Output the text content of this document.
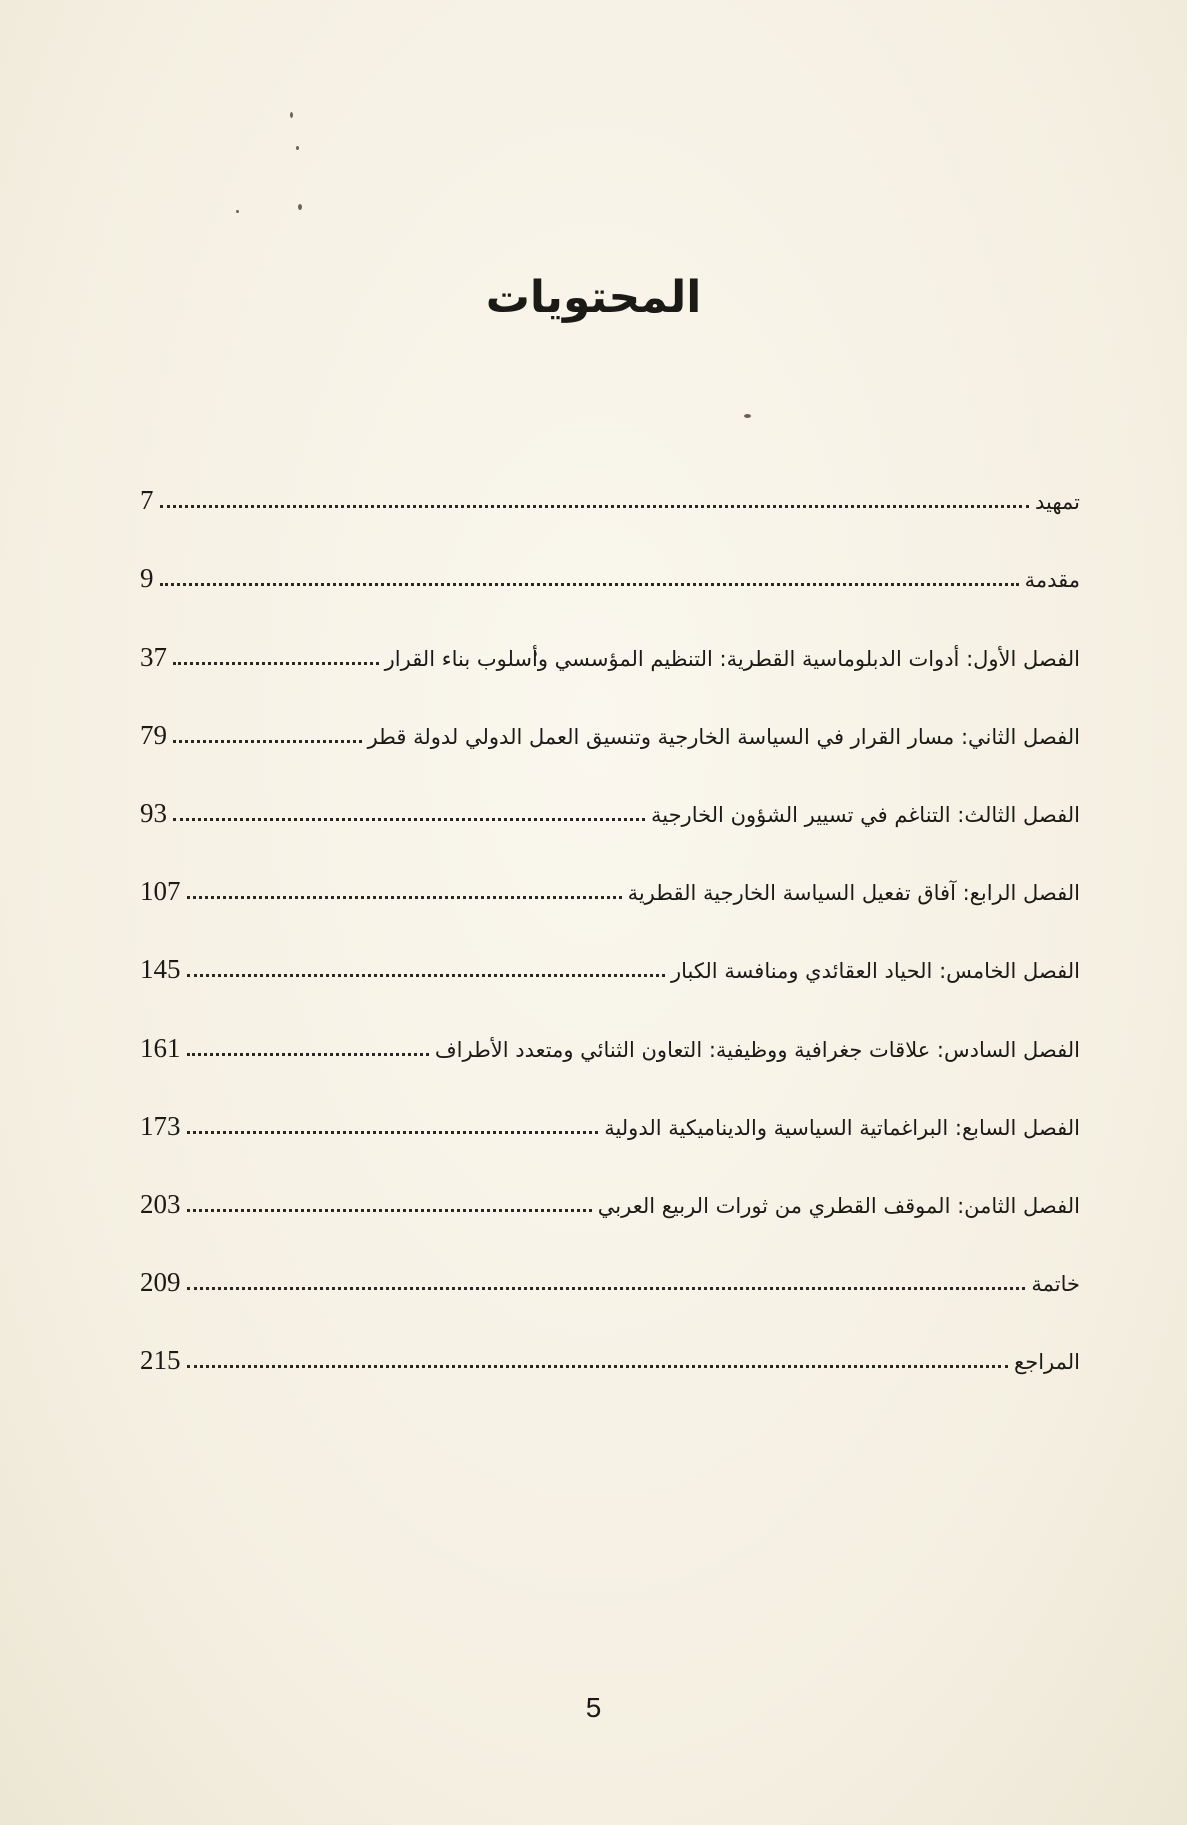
المحتويات
تمهيد
7
مقدمة
9
الفصل الأول: أدوات الدبلوماسية القطرية: التنظيم المؤسسي وأسلوب بناء القرار
37
الفصل الثاني: مسار القرار في السياسة الخارجية وتنسيق العمل الدولي لدولة قطر
79
الفصل الثالث: التناغم في تسيير الشؤون الخارجية
93
الفصل الرابع: آفاق تفعيل السياسة الخارجية القطرية
107
الفصل الخامس: الحياد العقائدي ومنافسة الكبار
145
الفصل السادس: علاقات جغرافية ووظيفية: التعاون الثنائي ومتعدد الأطراف
161
الفصل السابع: البراغماتية السياسية والديناميكية الدولية
173
الفصل الثامن: الموقف القطري من ثورات الربيع العربي
203
خاتمة
209
المراجع
215
5
